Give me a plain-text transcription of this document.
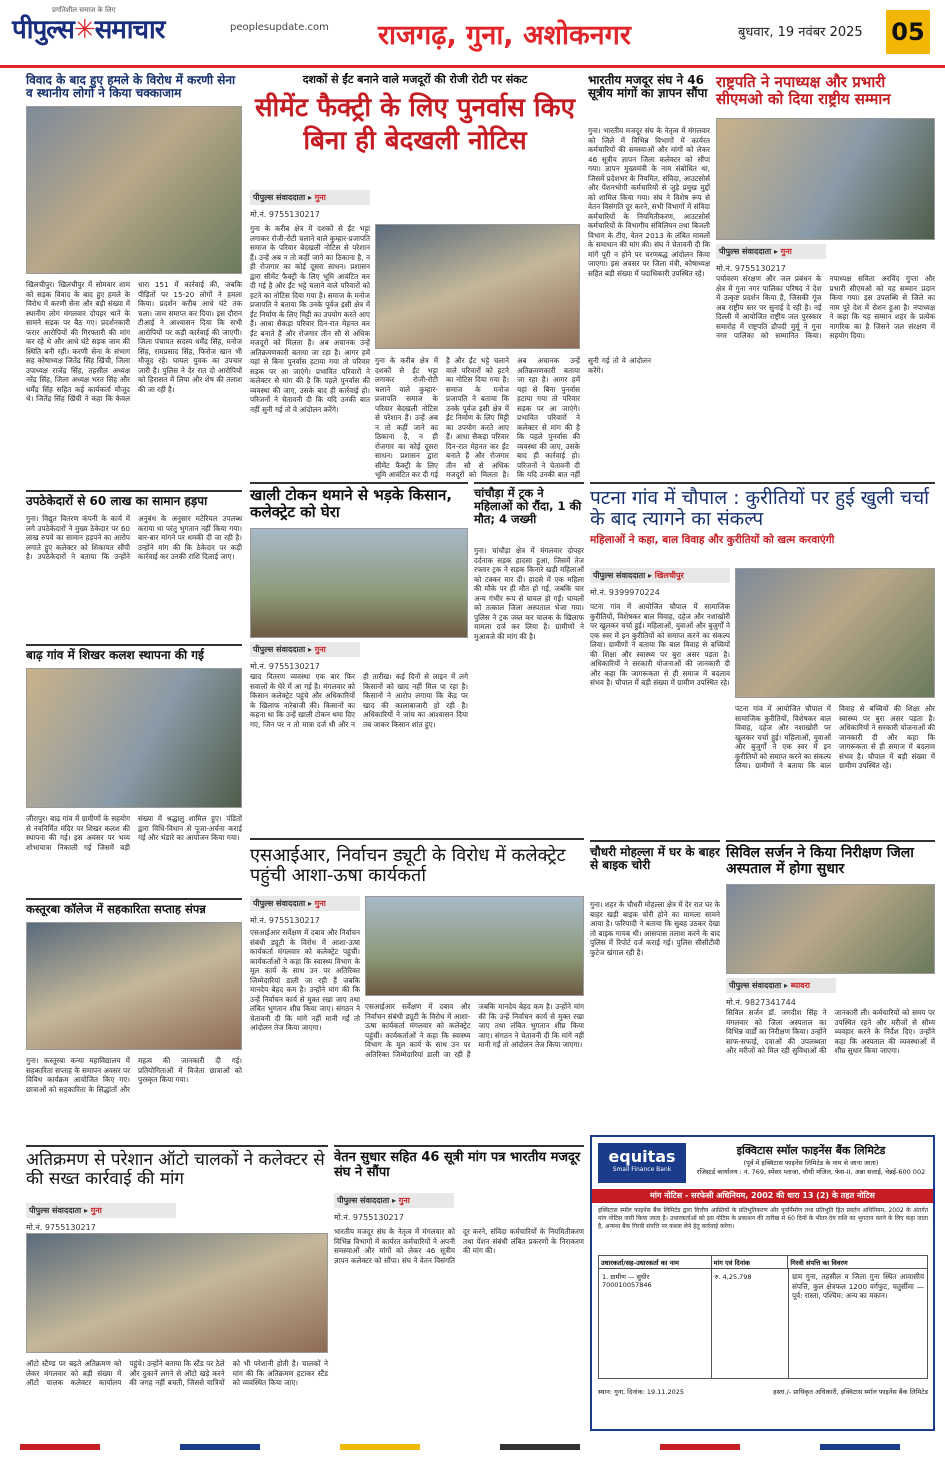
प्रगतिशील समाज के लिए
पीपुल्स✳समाचार	peoplesupdate.com राजगढ़, गुना, अशोकनगर	बुधवार, 19 नवंबर 2025 05
विवाद के बाद हुए हमले के विरोध में करणी सेना व स्थानीय लोगों ने किया चक्काजाम
खिलचीपुर। खिलचीपुर में सोमवार शाम को सड़क विवाद के बाद हुए हमले के विरोध में करणी सेना और बड़ी संख्या में स्थानीय लोग मंगलवार दोपहर थाने के सामने सड़क पर बैठ गए। प्रदर्शनकारी फरार आरोपियों की गिरफ्तारी की मांग कर रहे थे और आधे घंटे सड़क जाम की स्थिति बनी रही। करणी सेना के संभाग सह कोषाध्यक्ष जितेंद्र सिंह खिंची, जिला उपाध्यक्ष राजेंद्र सिंह, तहसील अध्यक्ष नरेंद्र सिंह, जिला अध्यक्ष भरत सिंह और धर्मेंद्र सिंह सहित कई कार्यकर्ता मौजूद थे। जितेंद्र सिंह खिंची ने कहा कि केवल धारा 151 में कार्रवाई की, जबकि पीड़ितों पर 15-20 लोगों ने हमला किया। प्रदर्शन करीब आधे घंटे तक चला। जाम समाप्त कर दिया। इस दौरान टीआई ने आश्वासन दिया कि सभी आरोपियों पर कड़ी कार्रवाई की जाएगी। जिला पंचायत सदस्य धर्मेंद्र सिंह, मनोज सिंह, रामप्रसाद सिंह, फिरोज खान भी मौजूद रहे। घायल युवक का उपचार जारी है। पुलिस ने देर रात दो आरोपियों को हिरासत में लिया और शेष की तलाश की जा रही है।
दशकों से ईंट बनाने वाले मजदूरों की रोजी रोटी पर संकट
सीमेंट फैक्ट्री के लिए पुनर्वास किए बिना ही बेदखली नोटिस
पीपुल्स संवाददाता ▸ गुना
मो.नं. 9755130217
गुना के करीब क्षेत्र में दशकों से ईंट भट्टा लगाकर रोजी-रोटी चलाने वाले कुम्हार-प्रजापति समाज के परिवार बेदखली नोटिस से परेशान हैं। उन्हें अब न तो कहीं जाने का ठिकाना है, न ही रोजगार का कोई दूसरा साधन। प्रशासन द्वारा सीमेंट फैक्ट्री के लिए भूमि आवंटित कर दी गई है और ईंट भट्टे चलाने वाले परिवारों को हटने का नोटिस दिया गया है। समाज के मनोज प्रजापति ने बताया कि उनके पूर्वज इसी क्षेत्र में ईंट निर्माण के लिए मिट्टी का उपयोग करते आए हैं। आधा सैकड़ा परिवार दिन-रात मेहनत कर ईंट बनाते हैं और रोजगार तीन सौ से अधिक मजदूरों को मिलता है। अब अचानक उन्हें अतिक्रमणकारी बताया जा रहा है। आगर हमें यहां से बिना पुनर्वास हटाया गया तो परिवार सड़क पर आ जाएंगे। प्रभावित परिवारों ने कलेक्टर से मांग की है कि पहले पुनर्वास की व्यवस्था की जाए, उसके बाद ही कार्रवाई हो। परिजनों ने चेतावनी दी कि यदि उनकी बात नहीं सुनी गई तो वे आंदोलन करेंगे।
गुना के करीब क्षेत्र में दशकों से ईंट भट्टा लगाकर रोजी-रोटी चलाने वाले कुम्हार-प्रजापति समाज के परिवार बेदखली नोटिस से परेशान हैं। उन्हें अब न तो कहीं जाने का ठिकाना है, न ही रोजगार का कोई दूसरा साधन। प्रशासन द्वारा सीमेंट फैक्ट्री के लिए भूमि आवंटित कर दी गई है और ईंट भट्टे चलाने वाले परिवारों को हटने का नोटिस दिया गया है। समाज के मनोज प्रजापति ने बताया कि उनके पूर्वज इसी क्षेत्र में ईंट निर्माण के लिए मिट्टी का उपयोग करते आए हैं। आधा सैकड़ा परिवार दिन-रात मेहनत कर ईंट बनाते हैं और रोजगार तीन सौ से अधिक मजदूरों को मिलता है। अब अचानक उन्हें अतिक्रमणकारी बताया जा रहा है। आगर हमें यहां से बिना पुनर्वास हटाया गया तो परिवार सड़क पर आ जाएंगे। प्रभावित परिवारों ने कलेक्टर से मांग की है कि पहले पुनर्वास की व्यवस्था की जाए, उसके बाद ही कार्रवाई हो। परिजनों ने चेतावनी दी कि यदि उनकी बात नहीं सुनी गई तो वे आंदोलन करेंगे।
भारतीय मजदूर संघ ने 46 सूत्रीय मांगों का ज्ञापन सौंपा
गुना। भारतीय मजदूर संघ के नेतृत्व में मंगलवार को जिले में विभिन्न विभागों में कार्यरत कर्मचारियों की समस्याओं और मांगों को लेकर 46 सूत्रीय ज्ञापन जिला कलेक्टर को सौंपा गया। ज्ञापन मुख्यमंत्री के नाम संबोधित था, जिसमें प्रदेशभर के नियमित, संविदा, आउटसोर्स और पेंशनभोगी कर्मचारियों से जुड़े प्रमुख मुद्दों को शामिल किया गया। संघ ने विशेष रूप से वेतन विसंगति दूर करने, सभी विभागों में संविदा कर्मचारियों के नियमितीकरण, आउटसोर्स कर्मचारियों के विभागीय संविलियन तथा बिजली विभाग के टीए, वेतन 2013 के लंबित मामलों के समाधान की मांग की। संघ ने चेतावनी दी कि मांगें पूरी न होने पर चरणबद्ध आंदोलन किया जाएगा। इस अवसर पर जिला मंत्री, कोषाध्यक्ष सहित बड़ी संख्या में पदाधिकारी उपस्थित रहे।
राष्ट्रपति ने नपाध्यक्ष और प्रभारी सीएमओ को दिया राष्ट्रीय सम्मान
पीपुल्स संवाददाता ▸ गुना
मो.नं. 9755130217
पर्यावरण संरक्षण और जल प्रबंधन के क्षेत्र में गुना नगर पालिका परिषद ने देश में उत्कृष्ट प्रदर्शन किया है, जिसकी गूंज अब राष्ट्रीय स्तर पर सुनाई दे रही है। नई दिल्ली में आयोजित राष्ट्रीय जल पुरस्कार समारोह में राष्ट्रपति द्रौपदी मुर्मू ने गुना नगर पालिका को सम्मानित किया। नपाध्यक्ष सविता अरविंद गुप्ता और प्रभारी सीएमओ को यह सम्मान प्रदान किया गया। इस उपलब्धि से जिले का नाम पूरे देश में रोशन हुआ है। नपाध्यक्ष ने कहा कि यह सम्मान शहर के प्रत्येक नागरिक का है जिसने जल संरक्षण में सहयोग दिया।
उपठेकेदारों से 60 लाख का सामान हड़पा
गुना। विद्युत वितरण कंपनी के कार्य में लगे उपठेकेदारों ने मुख्य ठेकेदार पर 60 लाख रुपये का सामान हड़पने का आरोप लगाते हुए कलेक्टर को शिकायत सौंपी है। उपठेकेदारों ने बताया कि उन्होंने अनुबंध के अनुसार मटेरियल उपलब्ध कराया था परंतु भुगतान नहीं किया गया। बार-बार मांगने पर धमकी दी जा रही है। उन्होंने मांग की कि ठेकेदार पर कड़ी कार्रवाई कर उनकी राशि दिलाई जाए।
खाली टोकन थमाने से भड़के किसान, कलेक्ट्रेट को घेरा
पीपुल्स संवाददाता ▸ गुना
मो.नं. 9755130217
खाद वितरण व्यवस्था एक बार फिर सवालों के घेरे में आ गई है। मंगलवार को किसान कलेक्ट्रेट पहुंचे और अधिकारियों के खिलाफ नारेबाजी की। किसानों का कहना था कि उन्हें खाली टोकन थमा दिए गए, जिन पर न तो मात्रा दर्ज थी और न ही तारीख। कई दिनों से लाइन में लगे किसानों को खाद नहीं मिल पा रहा है। किसानों ने आरोप लगाया कि केंद्र पर खाद की कालाबाजारी हो रही है। अधिकारियों ने जांच का आश्वासन दिया तब जाकर किसान शांत हुए।
चांचौड़ा में ट्रक ने महिलाओं को रौंदा, 1 की मौत; 4 जख्मी
गुना। चांचौड़ा क्षेत्र में मंगलवार दोपहर दर्दनाक सड़क हादसा हुआ, जिसमें तेज रफ्तार ट्रक ने सड़क किनारे खड़ी महिलाओं को टक्कर मार दी। हादसे में एक महिला की मौके पर ही मौत हो गई, जबकि चार अन्य गंभीर रूप से घायल हो गईं। घायलों को तत्काल जिला अस्पताल भेजा गया। पुलिस ने ट्रक जब्त कर चालक के खिलाफ मामला दर्ज कर लिया है। ग्रामीणों ने मुआवजे की मांग की है।
पटना गांव में चौपाल : कुरीतियों पर हुई खुली चर्चा के बाद त्यागने का संकल्प
महिलाओं ने कहा, बाल विवाह और कुरीतियों को खत्म करवाएंगी
पीपुल्स संवाददाता ▸ खिलचीपुर
मो.नं. 9399970224
पटना गांव में आयोजित चौपाल में सामाजिक कुरीतियों, विशेषकर बाल विवाह, दहेज और नशाखोरी पर खुलकर चर्चा हुई। महिलाओं, युवाओं और बुजुर्गों ने एक स्वर में इन कुरीतियों को समाप्त करने का संकल्प लिया। ग्रामीणों ने बताया कि बाल विवाह से बच्चियों की शिक्षा और स्वास्थ्य पर बुरा असर पड़ता है। अधिकारियों ने सरकारी योजनाओं की जानकारी दी और कहा कि जागरूकता से ही समाज में बदलाव संभव है। चौपाल में बड़ी संख्या में ग्रामीण उपस्थित रहे।
पटना गांव में आयोजित चौपाल में सामाजिक कुरीतियों, विशेषकर बाल विवाह, दहेज और नशाखोरी पर खुलकर चर्चा हुई। महिलाओं, युवाओं और बुजुर्गों ने एक स्वर में इन कुरीतियों को समाप्त करने का संकल्प लिया। ग्रामीणों ने बताया कि बाल विवाह से बच्चियों की शिक्षा और स्वास्थ्य पर बुरा असर पड़ता है। अधिकारियों ने सरकारी योजनाओं की जानकारी दी और कहा कि जागरूकता से ही समाज में बदलाव संभव है। चौपाल में बड़ी संख्या में ग्रामीण उपस्थित रहे।
बाढ़ गांव में शिखर कलश स्थापना की गई
जीरापुर। बाढ़ गांव में ग्रामीणों के सहयोग से नवनिर्मित मंदिर पर शिखर कलश की स्थापना की गई। इस अवसर पर भव्य शोभायात्रा निकाली गई जिसमें बड़ी संख्या में श्रद्धालु शामिल हुए। पंडितों द्वारा विधि-विधान से पूजा-अर्चना कराई गई और भंडारे का आयोजन किया गया।
कस्तूरबा कॉलेज में सहकारिता सप्ताह संपन्न
गुना। कस्तूरबा कन्या महाविद्यालय में सहकारिता सप्ताह के समापन अवसर पर विविध कार्यक्रम आयोजित किए गए। छात्राओं को सहकारिता के सिद्धांतों और महत्व की जानकारी दी गई। प्रतियोगिताओं में विजेता छात्राओं को पुरस्कृत किया गया।
एसआईआर, निर्वाचन ड्यूटी के विरोध में कलेक्ट्रेट पहुंची आशा-ऊषा कार्यकर्ता
पीपुल्स संवाददाता ▸ गुना
मो.नं. 9755130217
एसआईआर सर्वेक्षण में दबाव और निर्वाचन संबंधी ड्यूटी के विरोध में आशा-ऊषा कार्यकर्ता मंगलवार को कलेक्ट्रेट पहुंचीं। कार्यकर्ताओं ने कहा कि स्वास्थ्य विभाग के मूल कार्य के साथ उन पर अतिरिक्त जिम्मेदारियां डाली जा रही हैं जबकि मानदेय बेहद कम है। उन्होंने मांग की कि उन्हें निर्वाचन कार्य से मुक्त रखा जाए तथा लंबित भुगतान शीघ्र किया जाए। संगठन ने चेतावनी दी कि मांगें नहीं मानी गईं तो आंदोलन तेज किया जाएगा।
एसआईआर सर्वेक्षण में दबाव और निर्वाचन संबंधी ड्यूटी के विरोध में आशा-ऊषा कार्यकर्ता मंगलवार को कलेक्ट्रेट पहुंचीं। कार्यकर्ताओं ने कहा कि स्वास्थ्य विभाग के मूल कार्य के साथ उन पर अतिरिक्त जिम्मेदारियां डाली जा रही हैं जबकि मानदेय बेहद कम है। उन्होंने मांग की कि उन्हें निर्वाचन कार्य से मुक्त रखा जाए तथा लंबित भुगतान शीघ्र किया जाए। संगठन ने चेतावनी दी कि मांगें नहीं मानी गईं तो आंदोलन तेज किया जाएगा।
चौधरी मोहल्ला में घर के बाहर से बाइक चोरी
गुना। शहर के चौधरी मोहल्ला क्षेत्र में देर रात घर के बाहर खड़ी बाइक चोरी होने का मामला सामने आया है। फरियादी ने बताया कि सुबह उठकर देखा तो बाइक गायब थी। आसपास तलाश करने के बाद पुलिस में रिपोर्ट दर्ज कराई गई। पुलिस सीसीटीवी फुटेज खंगाल रही है।
सिविल सर्जन ने किया निरीक्षण जिला अस्पताल में होगा सुधार
पीपुल्स संवाददाता ▸ ब्यावरा
मो.नं. 9827341744
सिविल सर्जन डॉ. जगदीश सिंह ने मंगलवार को जिला अस्पताल का विभिन्न वार्डों का निरीक्षण किया। उन्होंने साफ-सफाई, दवाओं की उपलब्धता और मरीजों को मिल रही सुविधाओं की जानकारी ली। कर्मचारियों को समय पर उपस्थित रहने और मरीजों से सौम्य व्यवहार करने के निर्देश दिए। उन्होंने कहा कि अस्पताल की व्यवस्थाओं में शीघ्र सुधार किया जाएगा।
अतिक्रमण से परेशान ऑटो चालकों ने कलेक्टर से की सख्त कार्रवाई की मांग
पीपुल्स संवाददाता ▸ गुना
मो.नं. 9755130217
ऑटो स्टैण्ड पर बढ़ते अतिक्रमण को लेकर मंगलवार को बड़ी संख्या में ऑटो चालक कलेक्टर कार्यालय पहुंचे। उन्होंने बताया कि स्टैंड पर ठेले और दुकानें लगने से ऑटो खड़े करने की जगह नहीं बचती, जिससे यात्रियों को भी परेशानी होती है। चालकों ने मांग की कि अतिक्रमण हटाकर स्टैंड को व्यवस्थित किया जाए।
वेतन सुधार सहित 46 सूत्री मांग पत्र भारतीय मजदूर संघ ने सौंपा
पीपुल्स संवाददाता ▸ गुना
मो.नं. 9755130217
भारतीय मजदूर संघ के नेतृत्व में मंगलवार को विभिन्न विभागों में कार्यरत कर्मचारियों ने अपनी समस्याओं और मांगों को लेकर 46 सूत्रीय ज्ञापन कलेक्टर को सौंपा। संघ ने वेतन विसंगति दूर करने, संविदा कर्मचारियों के नियमितीकरण तथा पेंशन संबंधी लंबित प्रकरणों के निराकरण की मांग की।
equitas
Small Finance Bank
इक्विटास स्मॉल फाइनेंस बैंक लिमिटेड
(पूर्व में इक्विटास फाइनेंस लिमिटेड के नाम से जाना जाता)
रजिस्टर्ड कार्यालय : नं. 769, स्पेंसर प्लाजा, चौथी मंजिल, फेस-II, अन्ना सलाई, चेन्नई-600 002
मांग नोटिस - सरफेसी अधिनियम, 2002 की धारा 13 (2) के तहत नोटिस
इक्विटास स्मॉल फाइनेंस बैंक लिमिटेड द्वारा वित्तीय आस्तियों के प्रतिभूतिकरण और पुनर्निर्माण तथा प्रतिभूति हित प्रवर्तन अधिनियम, 2002 के अंतर्गत मांग नोटिस जारी किया जाता है। उधारकर्ताओं को इस नोटिस के प्रकाशन की तारीख से 60 दिनों के भीतर देय राशि का भुगतान करने के लिए कहा जाता है, अन्यथा बैंक गिरवी संपत्ति पर कब्जा लेने हेतु कार्रवाई करेगा।
उधारकर्ता/सह-उधारकर्ता का नाम	मांग एवं दिनांक	गिरवी संपत्ति का विवरण
1. ग्रामीण — सुधीर
700010057846
रु. 4,25,798	ग्राम गुना, तहसील व जिला गुना स्थित आवासीय संपत्ति, कुल क्षेत्रफल 1200 वर्गफुट, चतुर्सीमा — पूर्व: रास्ता, पश्चिम: अन्य का मकान।
स्थान: गुना, दिनांक: 19.11.2025	हस्ता./- प्राधिकृत अधिकारी, इक्विटास स्मॉल फाइनेंस बैंक लिमिटेड
